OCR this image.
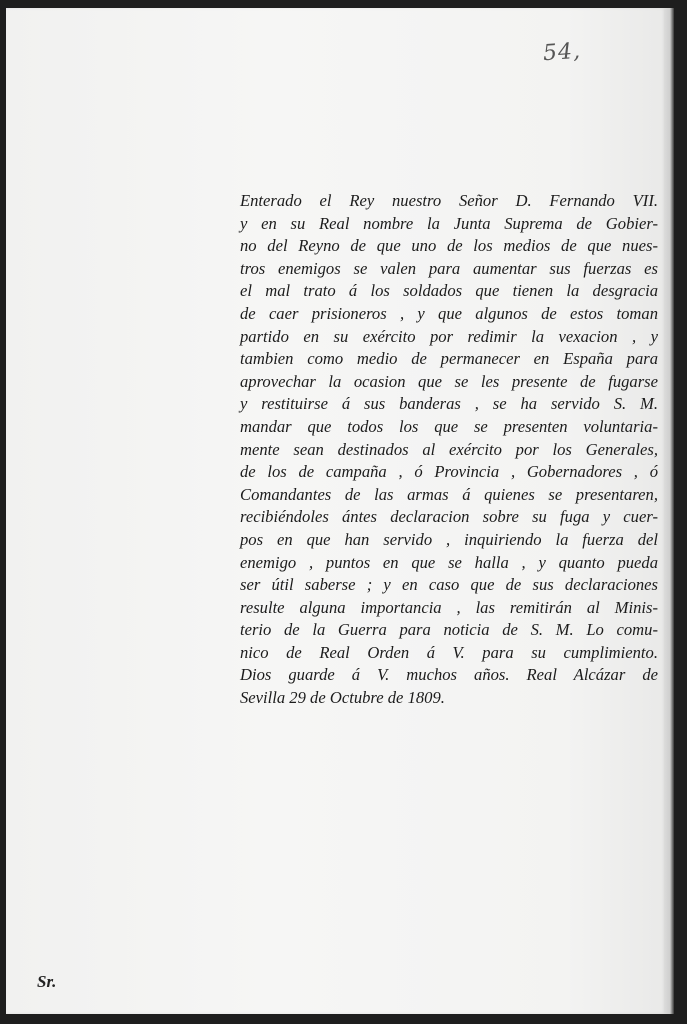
54,
Enterado el Rey nuestro Señor D. Fernando VII.
y en su Real nombre la Junta Suprema de Gobier-
no del Reyno de que uno de los medios de que nues-
tros enemigos se valen para aumentar sus fuerzas es
el mal trato á los soldados que tienen la desgracia
de caer prisioneros , y que algunos de estos toman
partido en su exército por redimir la vexacion , y
tambien como medio de permanecer en España para
aprovechar la ocasion que se les presente de fugarse
y restituirse á sus banderas , se ha servido S. M.
mandar que todos los que se presenten voluntaria-
mente sean destinados al exército por los Generales,
de los de campaña , ó Provincia , Gobernadores , ó
Comandantes de las armas á quienes se presentaren,
recibiéndoles ántes declaracion sobre su fuga y cuer-
pos en que han servido , inquiriendo la fuerza del
enemigo , puntos en que se halla , y quanto pueda
ser útil saberse ; y en caso que de sus declaraciones
resulte alguna importancia , las remitirán al Minis-
terio de la Guerra para noticia de S. M. Lo comu-
nico de Real Orden á V. para su cumplimiento.
Dios guarde á V. muchos años. Real Alcázar de
Sevilla 29 de Octubre de 1809.
Sr.
